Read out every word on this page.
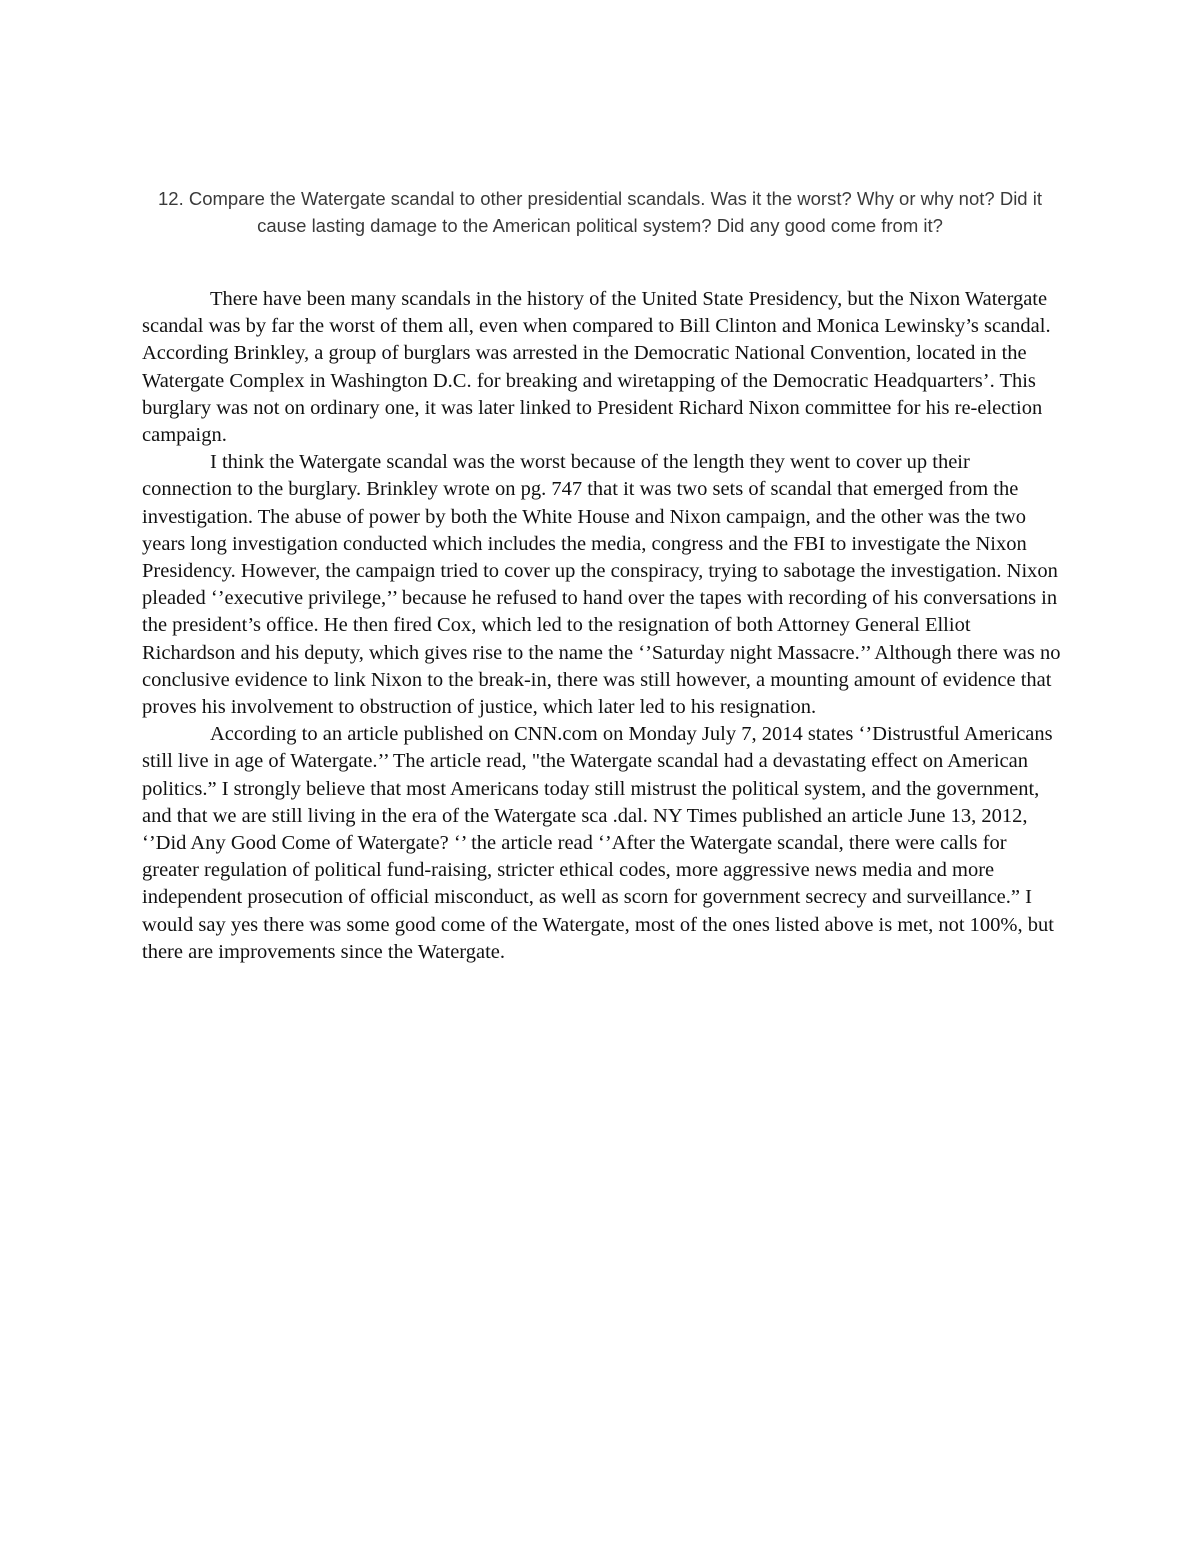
12. Compare the Watergate scandal to other presidential scandals. Was it the worst? Why or why not? Did it cause lasting damage to the American political system? Did any good come from it?

There have been many scandals in the history of the United State Presidency, but the Nixon Watergate scandal was by far the worst of them all, even when compared to Bill Clinton and Monica Lewinsky’s scandal. According Brinkley, a group of burglars was arrested in the Democratic National Convention, located in the Watergate Complex in Washington D.C. for breaking and wiretapping of the Democratic Headquarters’. This burglary was not on ordinary one, it was later linked to President Richard Nixon committee for his re-election campaign.

I think the Watergate scandal was the worst because of the length they went to cover up their connection to the burglary. Brinkley wrote on pg. 747 that it was two sets of scandal that emerged from the investigation. The abuse of power by both the White House and Nixon campaign, and the other was the two years long investigation conducted which includes the media, congress and the FBI to investigate the Nixon Presidency. However, the campaign tried to cover up the conspiracy, trying to sabotage the investigation. Nixon pleaded ‘’executive privilege,’’ because he refused to hand over the tapes with recording of his conversations in the president’s office. He then fired Cox, which led to the resignation of both Attorney General Elliot Richardson and his deputy, which gives rise to the name the ‘’Saturday night Massacre.’’ Although there was no conclusive evidence to link Nixon to the break-in, there was still however, a mounting amount of evidence that proves his involvement to obstruction of justice, which later led to his resignation.

According to an article published on CNN.com on Monday July 7, 2014 states ‘’Distrustful Americans still live in age of Watergate.’’ The article read, "the Watergate scandal had a devastating effect on American politics.” I strongly believe that most Americans today still mistrust the political system, and the government, and that we are still living in the era of the Watergate sca .dal. NY Times published an article June 13, 2012, ‘’Did Any Good Come of Watergate? ‘’ the article read ‘’After the Watergate scandal, there were calls for greater regulation of political fund-raising, stricter ethical codes, more aggressive news media and more independent prosecution of official misconduct, as well as scorn for government secrecy and surveillance.” I would say yes there was some good come of the Watergate, most of the ones listed above is met, not 100%, but there are improvements since the Watergate.
